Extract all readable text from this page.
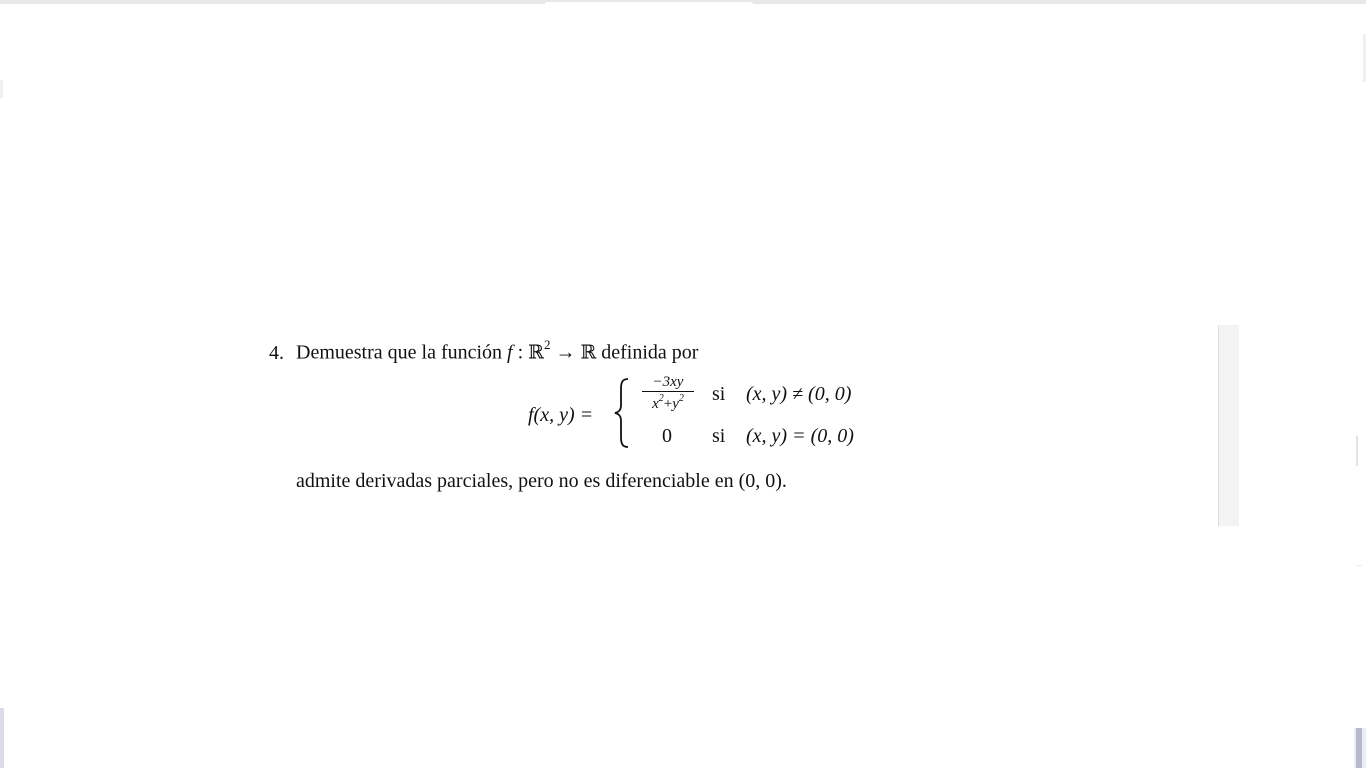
4. Demuestra que la función f : ℝ$^2$ → ℝ definida por
f(x, y) =
$\frac{-3xy}{x^2+y^2}$ si (x, y) ≠ (0, 0)
0 si (x, y) = (0, 0)
admite derivadas parciales, pero no es diferenciable en (0, 0).
